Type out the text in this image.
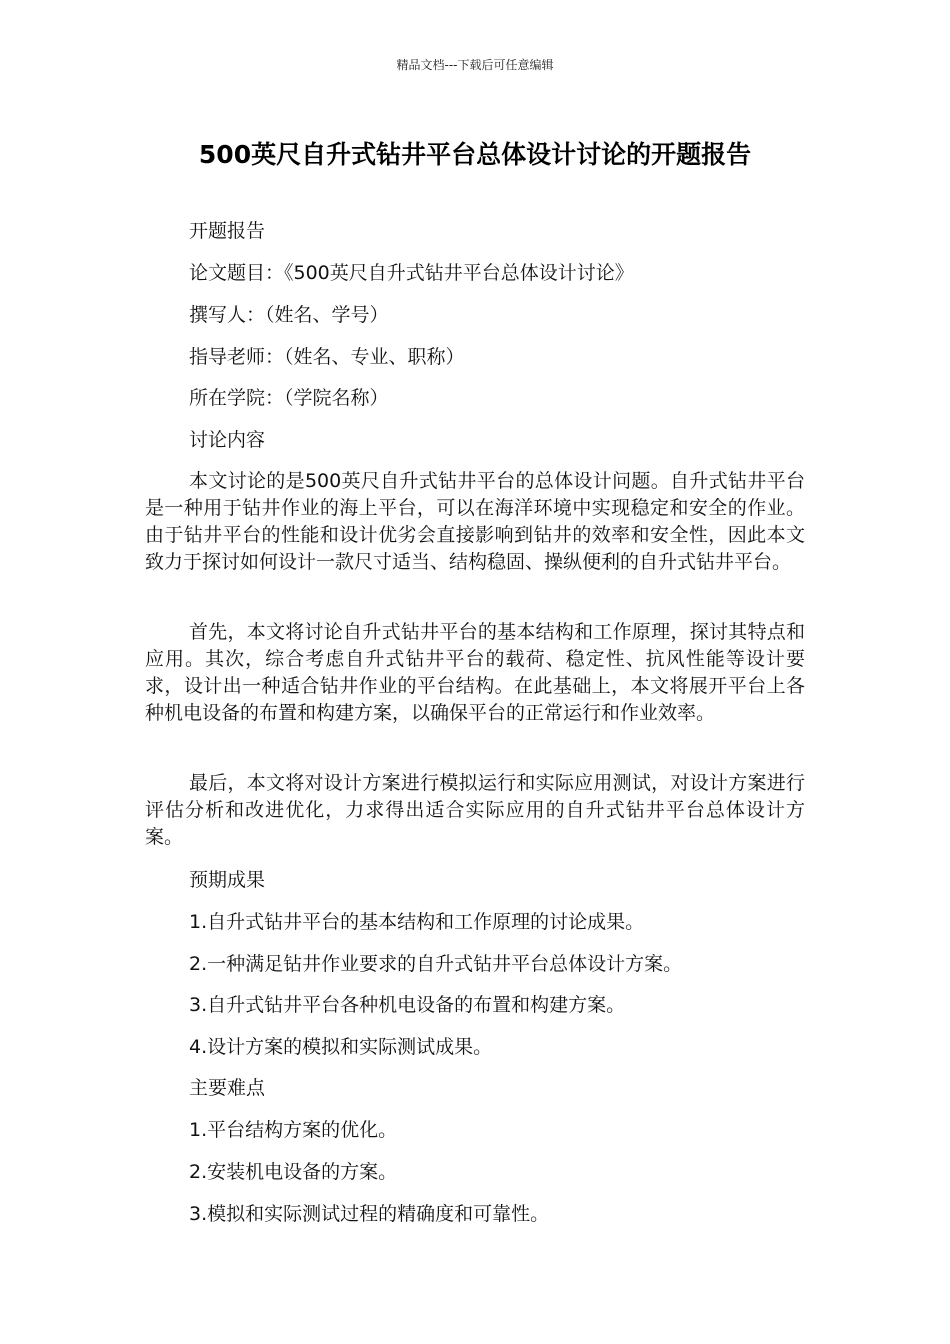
精品文档---下载后可任意编辑
500英尺自升式钻井平台总体设计讨论的开题报告
开题报告
论文题目：《500英尺自升式钻井平台总体设计讨论》
撰写人：（姓名、学号）
指导老师：（姓名、专业、职称）
所在学院：（学院名称）
讨论内容
本文讨论的是500英尺自升式钻井平台的总体设计问题。自升式钻井平台是一种用于钻井作业的海上平台，可以在海洋环境中实现稳定和安全的作业。由于钻井平台的性能和设计优劣会直接影响到钻井的效率和安全性，因此本文致力于探讨如何设计一款尺寸适当、结构稳固、操纵便利的自升式钻井平台。
首先，本文将讨论自升式钻井平台的基本结构和工作原理，探讨其特点和应用。其次，综合考虑自升式钻井平台的载荷、稳定性、抗风性能等设计要求，设计出一种适合钻井作业的平台结构。在此基础上，本文将展开平台上各种机电设备的布置和构建方案，以确保平台的正常运行和作业效率。
最后，本文将对设计方案进行模拟运行和实际应用测试，对设计方案进行评估分析和改进优化，力求得出适合实际应用的自升式钻井平台总体设计方案。
预期成果
1.自升式钻井平台的基本结构和工作原理的讨论成果。
2.一种满足钻井作业要求的自升式钻井平台总体设计方案。
3.自升式钻井平台各种机电设备的布置和构建方案。
4.设计方案的模拟和实际测试成果。
主要难点
1.平台结构方案的优化。
2.安装机电设备的方案。
3.模拟和实际测试过程的精确度和可靠性。
